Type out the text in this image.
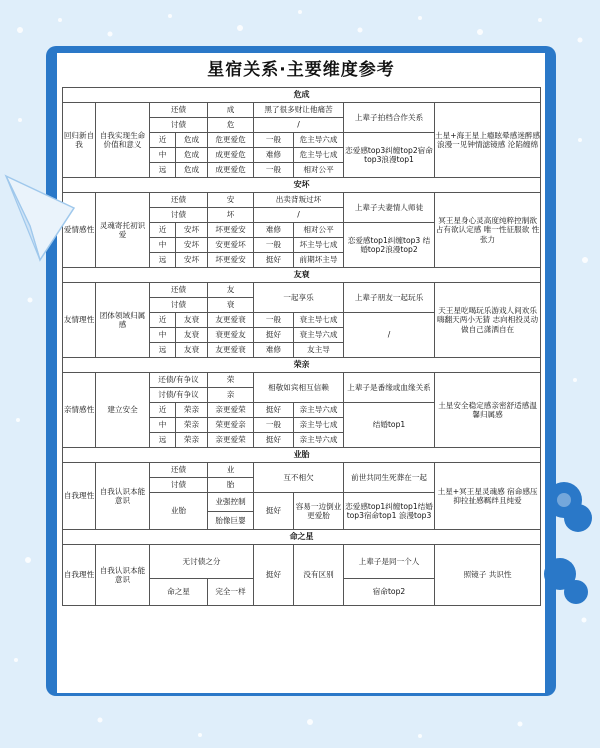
星宿关系·主要维度参考
危成								
回归新自我	自我实现生命价值和意义	还债		成	黑了很多财让他痛苦		上辈子拍档合作关系	土星+海王星上瘾眩晕感迷醉感 浪漫一见钟情滤镜感 沦陷缠绵
		讨债		危	/			
		近	危成	危更爱危	一般	危主导六成	恋爱感top3纠缠top2宿命top3浪漫top1	
		中	危成	成更爱危	难修	危主导七成		
		远	危成	成更爱危	一般	相对公平		
安坏								
爱情感性	灵魂寄托初识爱	还债		安	出卖背叛过坏		上辈子夫妻情人师徒	冥王星身心灵高度纯粹控制欲 占有欲认定感 唯一性征服欲 性张力
		讨债		坏	/			
		近	安坏	坏更爱安	难修	相对公平	恋爱感top1纠缠top3 结婚top2浪漫top2	
		中	安坏	安更爱坏	一般	坏主导七成		
		远	安坏	坏更爱安	挺好	前期坏主导		
友衰								
友情理性	团体领域归属感	还债		友	一起享乐		上辈子朋友一起玩乐	天王星吃喝玩乐游戏人间欢乐嗨翻天两小无猜 志向相投灵动做自己潇洒自在
		讨债		衰				
		近	友衰	友更爱衰	一般	衰主导七成	/	
		中	友衰	衰更爱友	挺好	衰主导六成		
		远	友衰	友更爱衰	难修	友主导		
荣亲								
亲情感性	建立安全	还债/有争议		荣	相敬如宾相互信赖		上辈子是番缘或血缘关系	土星安全稳定感亲密舒适感温馨归属感
		讨债/有争议		亲				
		近	荣亲	亲更爱荣	挺好	亲主导六成	结婚top1	
		中	荣亲	荣更爱亲	一般	亲主导七成		
		远	荣亲	亲更爱荣	挺好	亲主导六成		
业胎								
自我理性	自我认识本能意识	还债		业	互不相欠		前世共同生死葬在一起	土星+冥王星灵魂感 宿命感压抑拉扯感羁绊且纯爱
		讨债		胎				
		业胎		业强控制	挺好	容易一边倒业更爱胎	恋爱感top1纠缠top1结婚top3宿命top1 浪漫top3	
				胎像巨婴				
命之星								
自我理性	自我认识本能意识	无讨债之分			挺好	没有区别	上辈子是同一个人	照镜子 共识性
		命之星		完全一样			宿命top2	
